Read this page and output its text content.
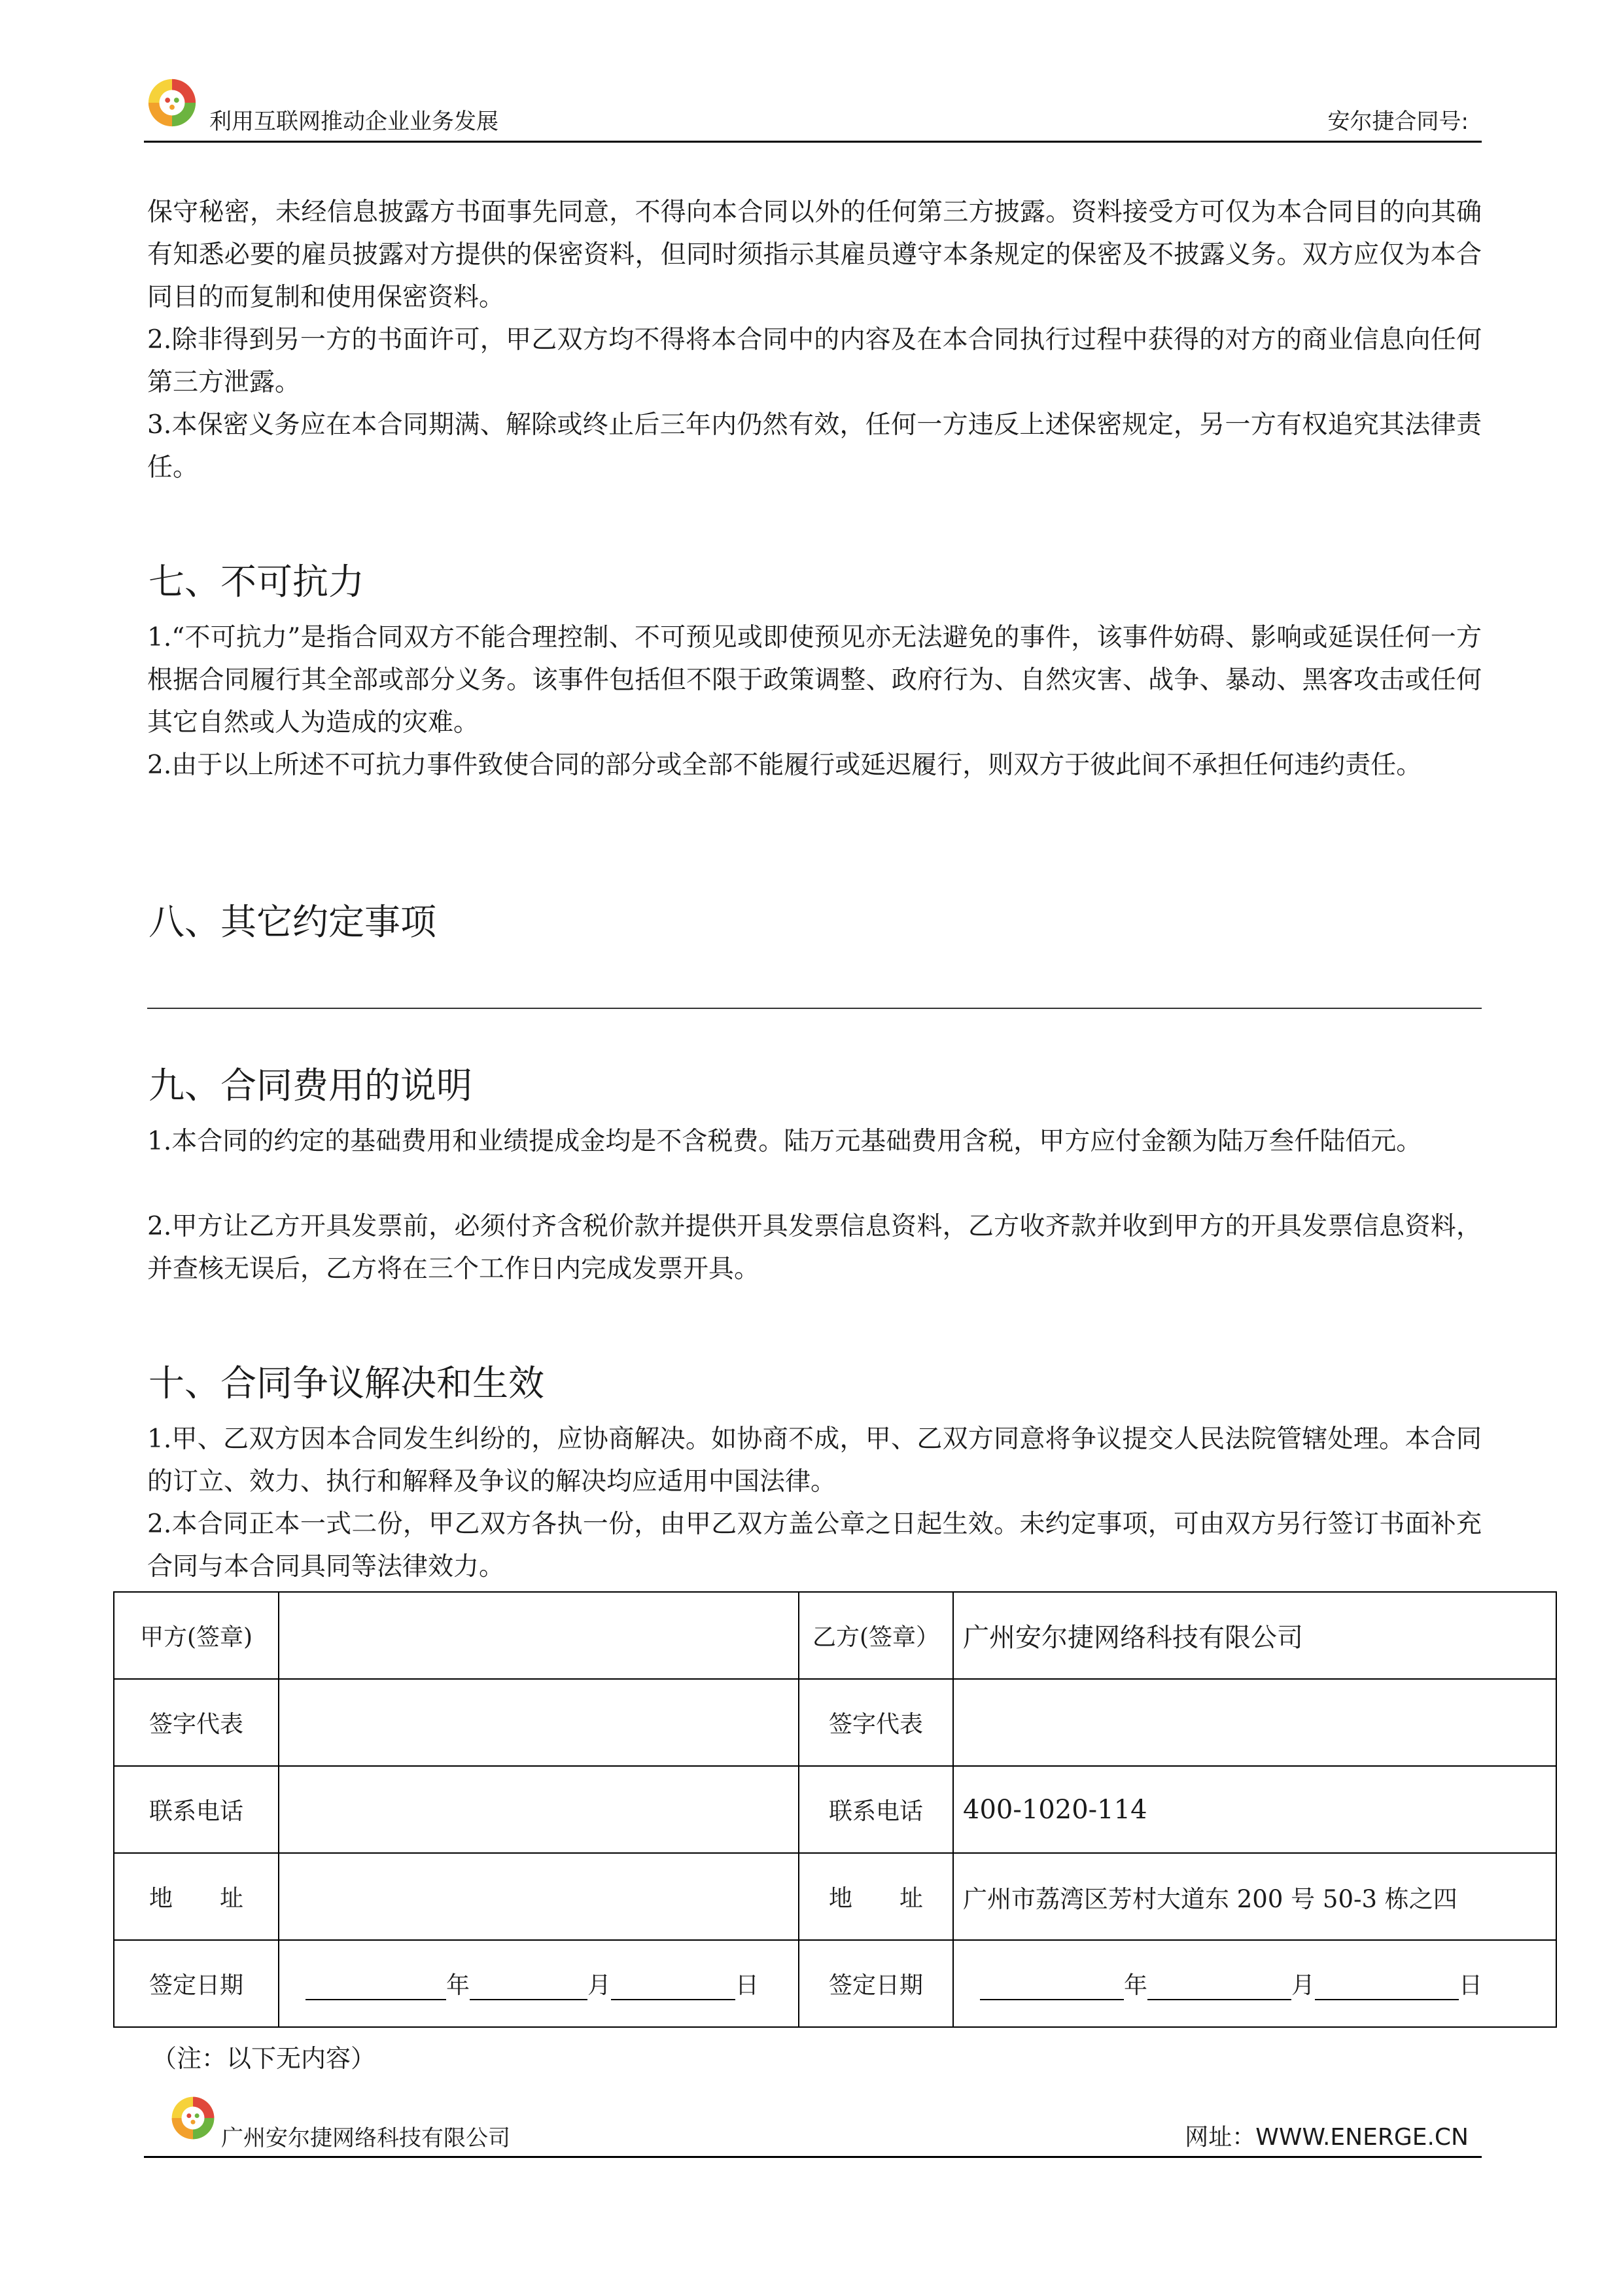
利用互联网推动企业业务发展	安尔捷合同号:

保守秘密，未经信息披露方书面事先同意，不得向本合同以外的任何第三方披露。资料接受方可仅为本合同目的向其确有知悉必要的雇员披露对方提供的保密资料，但同时须指示其雇员遵守本条规定的保密及不披露义务。双方应仅为本合同目的而复制和使用保密资料。

2.除非得到另一方的书面许可，甲乙双方均不得将本合同中的内容及在本合同执行过程中获得的对方的商业信息向任何第三方泄露。

3.本保密义务应在本合同期满、解除或终止后三年内仍然有效，任何一方违反上述保密规定，另一方有权追究其法律责任。

七、不可抗力

1.“不可抗力”是指合同双方不能合理控制、不可预见或即使预见亦无法避免的事件，该事件妨碍、影响或延误任何一方根据合同履行其全部或部分义务。该事件包括但不限于政策调整、政府行为、自然灾害、战争、暴动、黑客攻击或任何其它自然或人为造成的灾难。

2.由于以上所述不可抗力事件致使合同的部分或全部不能履行或延迟履行，则双方于彼此间不承担任何违约责任。

八、其它约定事项
九、合同费用的说明

1.本合同的约定的基础费用和业绩提成金均是不含税费。陆万元基础费用含税，甲方应付金额为陆万叁仟陆佰元。

2.甲方让乙方开具发票前，必须付齐含税价款并提供开具发票信息资料，乙方收齐款并收到甲方的开具发票信息资料，并查核无误后，乙方将在三个工作日内完成发票开具。

十、合同争议解决和生效

1.甲、乙双方因本合同发生纠纷的，应协商解决。如协商不成，甲、乙双方同意将争议提交人民法院管辖处理。本合同的订立、效力、执行和解释及争议的解决均应适用中国法律。

2.本合同正本一式二份，甲乙双方各执一份，由甲乙双方盖公章之日起生效。未约定事项，可由双方另行签订书面补充合同与本合同具同等法律效力。

甲方(签章)		乙方(签章）	广州安尔捷网络科技有限公司
签字代表		签字代表	
联系电话		联系电话	400-1020-114
地　　址		地　　址	广州市荔湾区芳村大道东 200 号 50-3 栋之四
签定日期	年 月 日	签定日期	年 月 日
（注：以下无内容）
广州安尔捷网络科技有限公司	网址：WWW.ENERGE.CN
